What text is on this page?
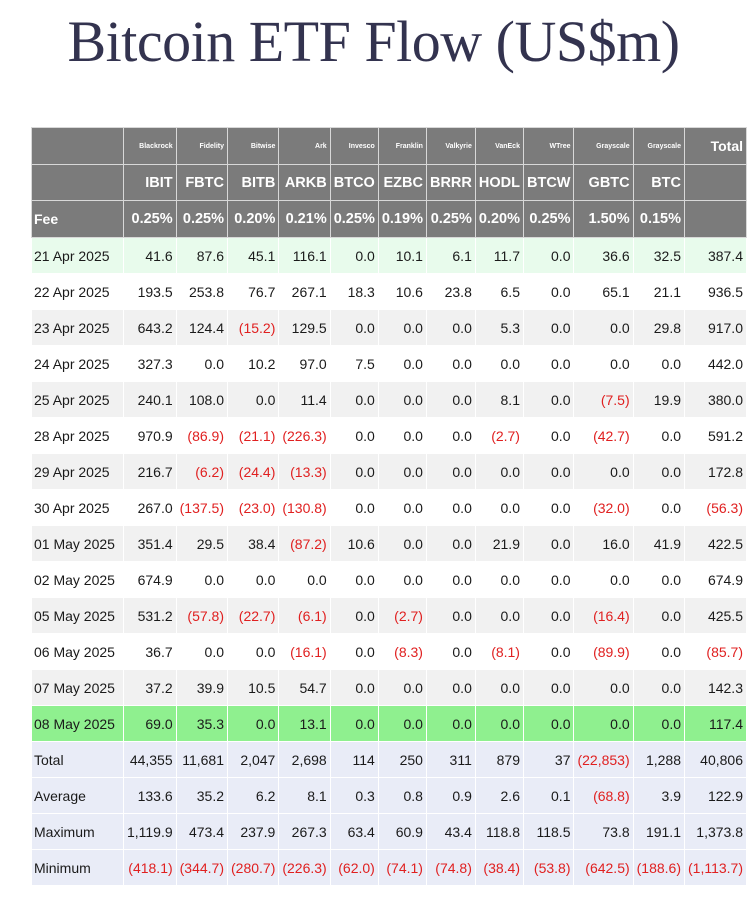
Bitcoin ETF Flow (US$m)
	Blackrock	Fidelity	Bitwise	Ark	Invesco	Franklin	Valkyrie	VanEck	WTree	Grayscale	Grayscale	Total
	IBIT	FBTC	BITB	ARKB	BTCO	EZBC	BRRR	HODL	BTCW	GBTC	BTC	
Fee	0.25%	0.25%	0.20%	0.21%	0.25%	0.19%	0.25%	0.20%	0.25%	1.50%	0.15%	
21 Apr 2025	41.6	87.6	45.1	116.1	0.0	10.1	6.1	11.7	0.0	36.6	32.5	387.4
22 Apr 2025	193.5	253.8	76.7	267.1	18.3	10.6	23.8	6.5	0.0	65.1	21.1	936.5
23 Apr 2025	643.2	124.4	(15.2)	129.5	0.0	0.0	0.0	5.3	0.0	0.0	29.8	917.0
24 Apr 2025	327.3	0.0	10.2	97.0	7.5	0.0	0.0	0.0	0.0	0.0	0.0	442.0
25 Apr 2025	240.1	108.0	0.0	11.4	0.0	0.0	0.0	8.1	0.0	(7.5)	19.9	380.0
28 Apr 2025	970.9	(86.9)	(21.1)	(226.3)	0.0	0.0	0.0	(2.7)	0.0	(42.7)	0.0	591.2
29 Apr 2025	216.7	(6.2)	(24.4)	(13.3)	0.0	0.0	0.0	0.0	0.0	0.0	0.0	172.8
30 Apr 2025	267.0	(137.5)	(23.0)	(130.8)	0.0	0.0	0.0	0.0	0.0	(32.0)	0.0	(56.3)
01 May 2025	351.4	29.5	38.4	(87.2)	10.6	0.0	0.0	21.9	0.0	16.0	41.9	422.5
02 May 2025	674.9	0.0	0.0	0.0	0.0	0.0	0.0	0.0	0.0	0.0	0.0	674.9
05 May 2025	531.2	(57.8)	(22.7)	(6.1)	0.0	(2.7)	0.0	0.0	0.0	(16.4)	0.0	425.5
06 May 2025	36.7	0.0	0.0	(16.1)	0.0	(8.3)	0.0	(8.1)	0.0	(89.9)	0.0	(85.7)
07 May 2025	37.2	39.9	10.5	54.7	0.0	0.0	0.0	0.0	0.0	0.0	0.0	142.3
08 May 2025	69.0	35.3	0.0	13.1	0.0	0.0	0.0	0.0	0.0	0.0	0.0	117.4
Total	44,355	11,681	2,047	2,698	114	250	311	879	37	(22,853)	1,288	40,806
Average	133.6	35.2	6.2	8.1	0.3	0.8	0.9	2.6	0.1	(68.8)	3.9	122.9
Maximum	1,119.9	473.4	237.9	267.3	63.4	60.9	43.4	118.8	118.5	73.8	191.1	1,373.8
Minimum	(418.1)	(344.7)	(280.7)	(226.3)	(62.0)	(74.1)	(74.8)	(38.4)	(53.8)	(642.5)	(188.6)	(1,113.7)
